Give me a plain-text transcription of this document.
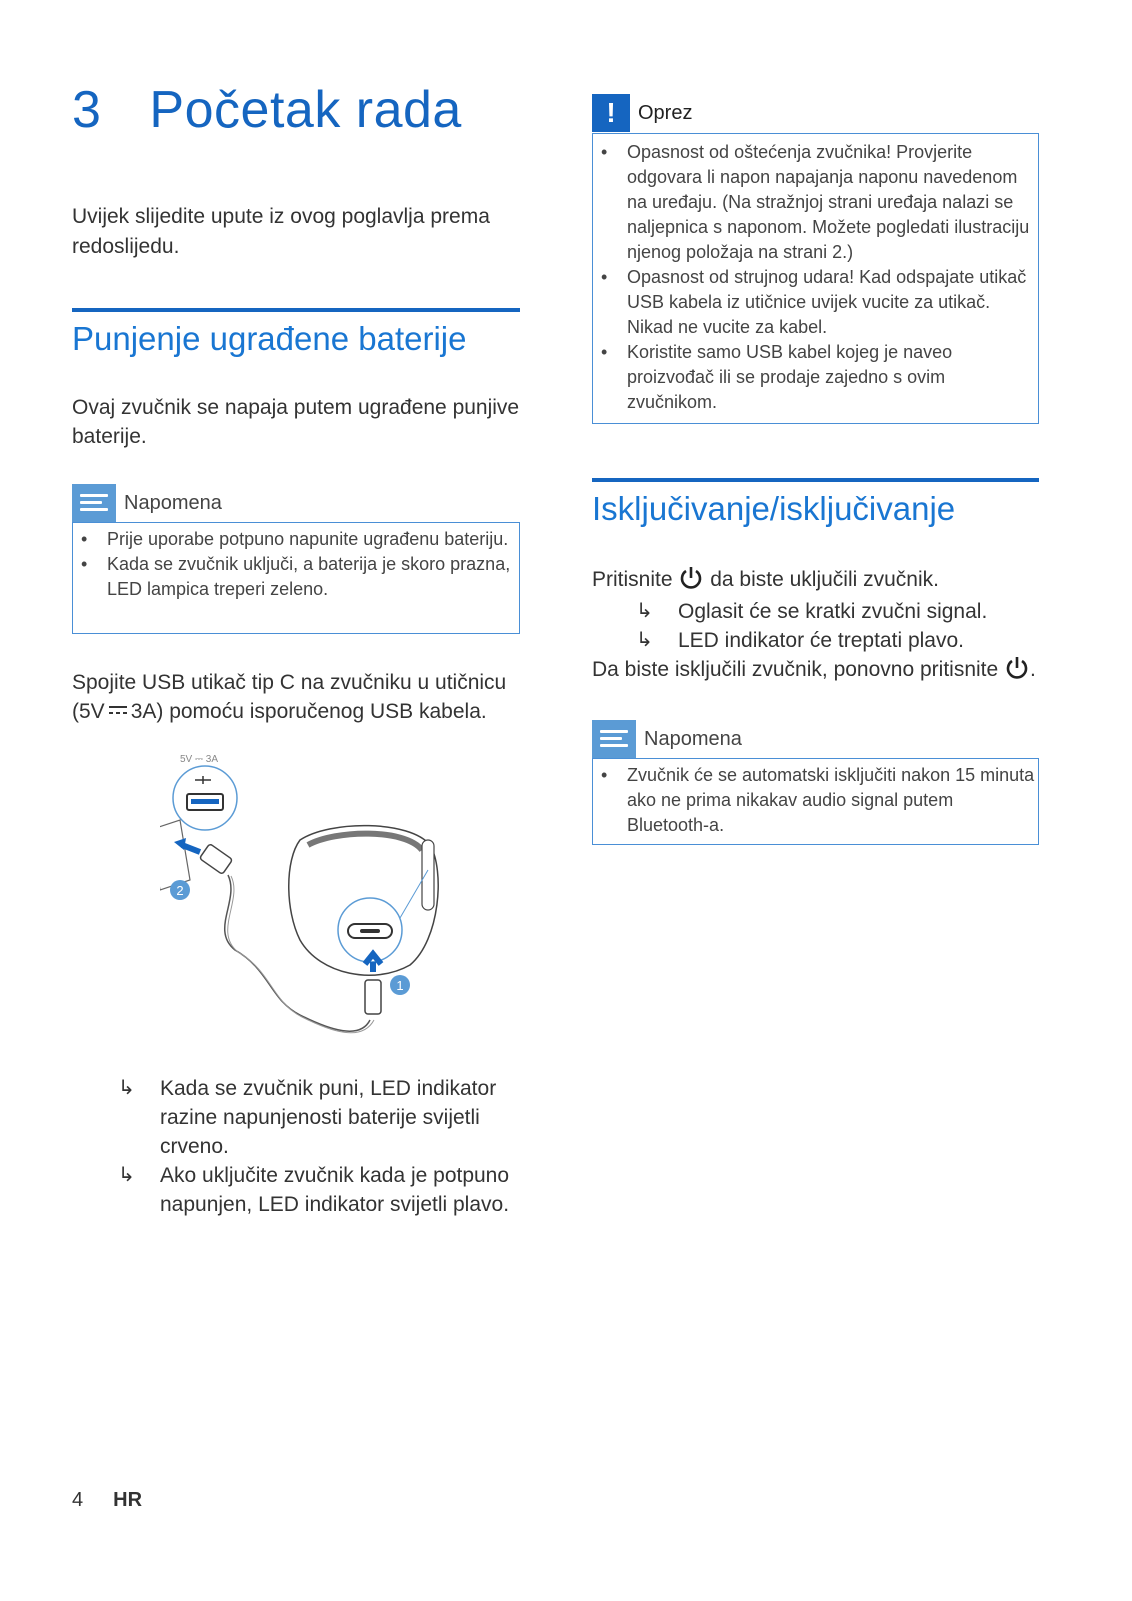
3 Početak rada

Uvijek slijedite upute iz ovog poglavlja prema redoslijedu.

Punjenje ugrađene baterije

Ovaj zvučnik se napaja putem ugrađene punjive baterije.

Napomena
• Prije uporabe potpuno napunite ugrađenu bateriju.
• Kada se zvučnik uključi, a baterija je skoro prazna, LED lampica treperi zeleno.
Spojite USB utikač tip C na zvučniku u utičnicu
(5V 3A) pomoću isporučenog USB kabela.
5V ⎓ 3A
2
1
↳ Kada se zvučnik puni, LED indikator razine napunjenosti baterije svijetli crveno.
↳ Ako uključite zvučnik kada je potpuno napunjen, LED indikator svijetli plavo.
!	Oprez
• Opasnost od oštećenja zvučnika! Provjerite odgovara li napon napajanja naponu navedenom na uređaju. (Na stražnjoj strani uređaja nalazi se naljepnica s naponom. Možete pogledati ilustraciju njenog položaja na strani 2.)
• Opasnost od strujnog udara! Kad odspajate utikač USB kabela iz utičnice uvijek vucite za utikač. Nikad ne vucite za kabel.
• Koristite samo USB kabel kojeg je naveo proizvođač ili se prodaje zajedno s ovim zvučnikom.
Isključivanje/isključivanje
Pritisnite da biste uključili zvučnik.
↳ Oglasit će se kratki zvučni signal.
↳ LED indikator će treptati plavo.
Da biste isključili zvučnik, ponovno pritisnite .
Napomena
• Zvučnik će se automatski isključiti nakon 15 minuta ako ne prima nikakav audio signal putem Bluetooth-a.
4 HR
